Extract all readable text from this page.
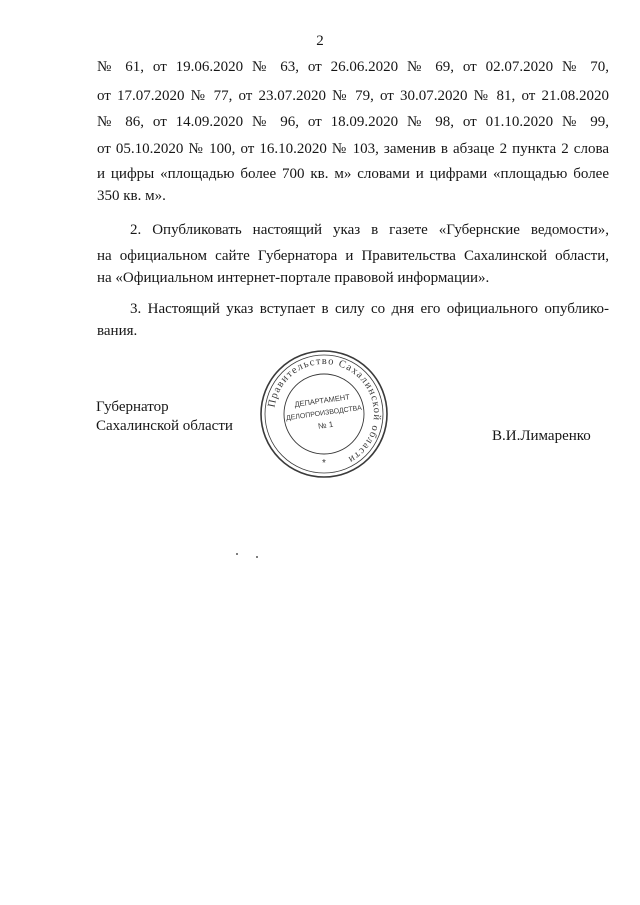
2
№ 61, от 19.06.2020 № 63, от 26.06.2020 № 69, от 02.07.2020 № 70,
от 17.07.2020 № 77, от 23.07.2020 № 79, от 30.07.2020 № 81, от 21.08.2020
№ 86, от 14.09.2020 № 96, от 18.09.2020 № 98, от 01.10.2020 № 99,
от 05.10.2020 № 100, от 16.10.2020 № 103, заменив в абзаце 2 пункта 2 слова
и цифры «площадью более 700 кв. м» словами и цифрами «площадью более
350 кв. м».
2. Опубликовать настоящий указ в газете «Губернские ведомости»,
на официальном сайте Губернатора и Правительства Сахалинской области,
на «Официальном интернет-портале правовой информации».
3. Настоящий указ вступает в силу со дня его официального опублико-
вания.
Губернатор
Сахалинской области
В.И.Лимаренко
Правительство Сахалинской области
ДЕПАРТАМЕНТ
ДЕЛОПРОИЗВОДСТВА
№ 1
*
